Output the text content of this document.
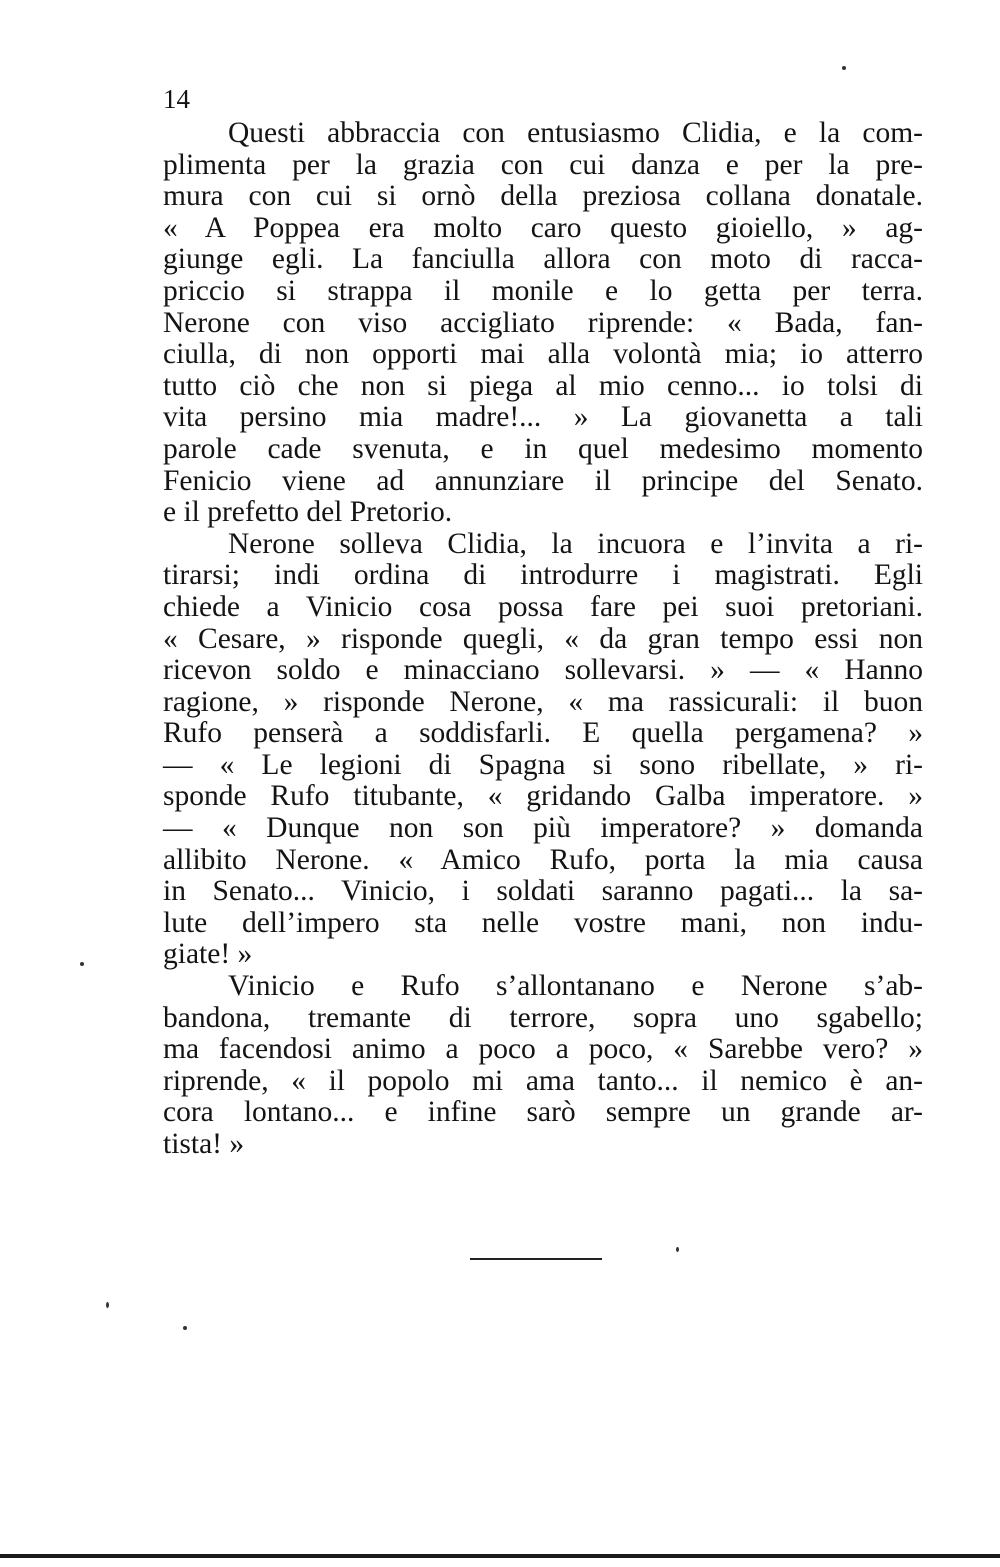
14
Questi abbraccia con entusiasmo Clidia, e la com-
plimenta per la grazia con cui danza e per la pre-
mura con cui si ornò della preziosa collana donatale.
« A Poppea era molto caro questo gioiello, » ag-
giunge egli. La fanciulla allora con moto di racca-
priccio si strappa il monile e lo getta per terra.
Nerone con viso accigliato riprende: « Bada, fan-
ciulla, di non opporti mai alla volontà mia; io atterro
tutto ciò che non si piega al mio cenno... io tolsi di
vita persino mia madre!... » La giovanetta a tali
parole cade svenuta, e in quel medesimo momento
Fenicio viene ad annunziare il principe del Senato.
e il prefetto del Pretorio.
Nerone solleva Clidia, la incuora e l’invita a ri-
tirarsi; indi ordina di introdurre i magistrati. Egli
chiede a Vinicio cosa possa fare pei suoi pretoriani.
« Cesare, » risponde quegli, « da gran tempo essi non
ricevon soldo e minacciano sollevarsi. » — « Hanno
ragione, » risponde Nerone, « ma rassicurali: il buon
Rufo penserà a soddisfarli. E quella pergamena? »
— « Le legioni di Spagna si sono ribellate, » ri-
sponde Rufo titubante, « gridando Galba imperatore. »
— « Dunque non son più imperatore? » domanda
allibito Nerone. « Amico Rufo, porta la mia causa
in Senato... Vinicio, i soldati saranno pagati... la sa-
lute dell’impero sta nelle vostre mani, non indu-
giate! »
Vinicio e Rufo s’allontanano e Nerone s’ab-
bandona, tremante di terrore, sopra uno sgabello;
ma facendosi animo a poco a poco, « Sarebbe vero? »
riprende, « il popolo mi ama tanto... il nemico è an-
cora lontano... e infine sarò sempre un grande ar-
tista! »
